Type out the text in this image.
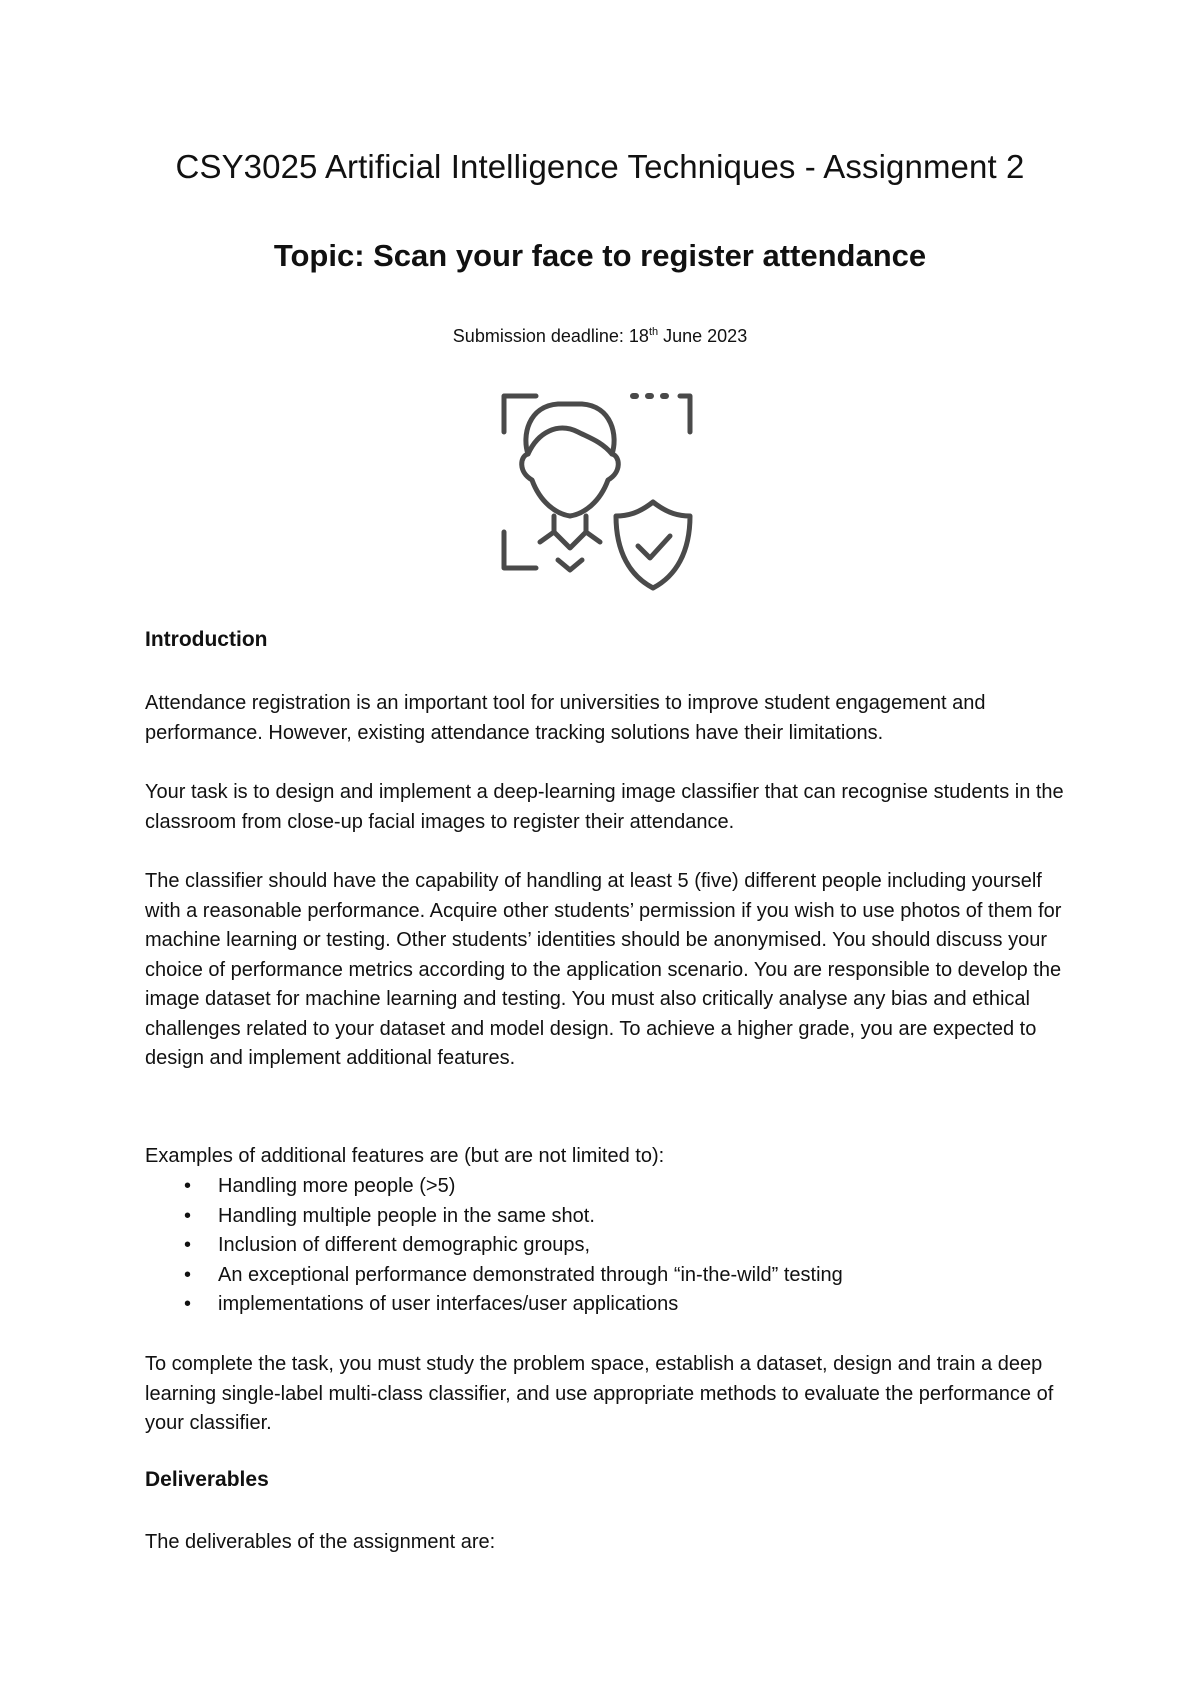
CSY3025 Artificial Intelligence Techniques - Assignment 2
Topic: Scan your face to register attendance

Submission deadline: 18th June 2023

Introduction

Attendance registration is an important tool for universities to improve student engagement and performance. However, existing attendance tracking solutions have their limitations.

Your task is to design and implement a deep-learning image classifier that can recognise students in the classroom from close-up facial images to register their attendance.

The classifier should have the capability of handling at least 5 (five) different people including yourself with a reasonable performance. Acquire other students’ permission if you wish to use photos of them for machine learning or testing. Other students’ identities should be anonymised. You should discuss your choice of performance metrics according to the application scenario. You are responsible to develop the image dataset for machine learning and testing. You must also critically analyse any bias and ethical challenges related to your dataset and model design. To achieve a higher grade, you are expected to design and implement additional features.

Examples of additional features are (but are not limited to):

• Handling more people (>5)
• Handling multiple people in the same shot.
• Inclusion of different demographic groups,
• An exceptional performance demonstrated through “in-the-wild” testing
• implementations of user interfaces/user applications

To complete the task, you must study the problem space, establish a dataset, design and train a deep learning single-label multi-class classifier, and use appropriate methods to evaluate the performance of your classifier.

Deliverables

The deliverables of the assignment are:
